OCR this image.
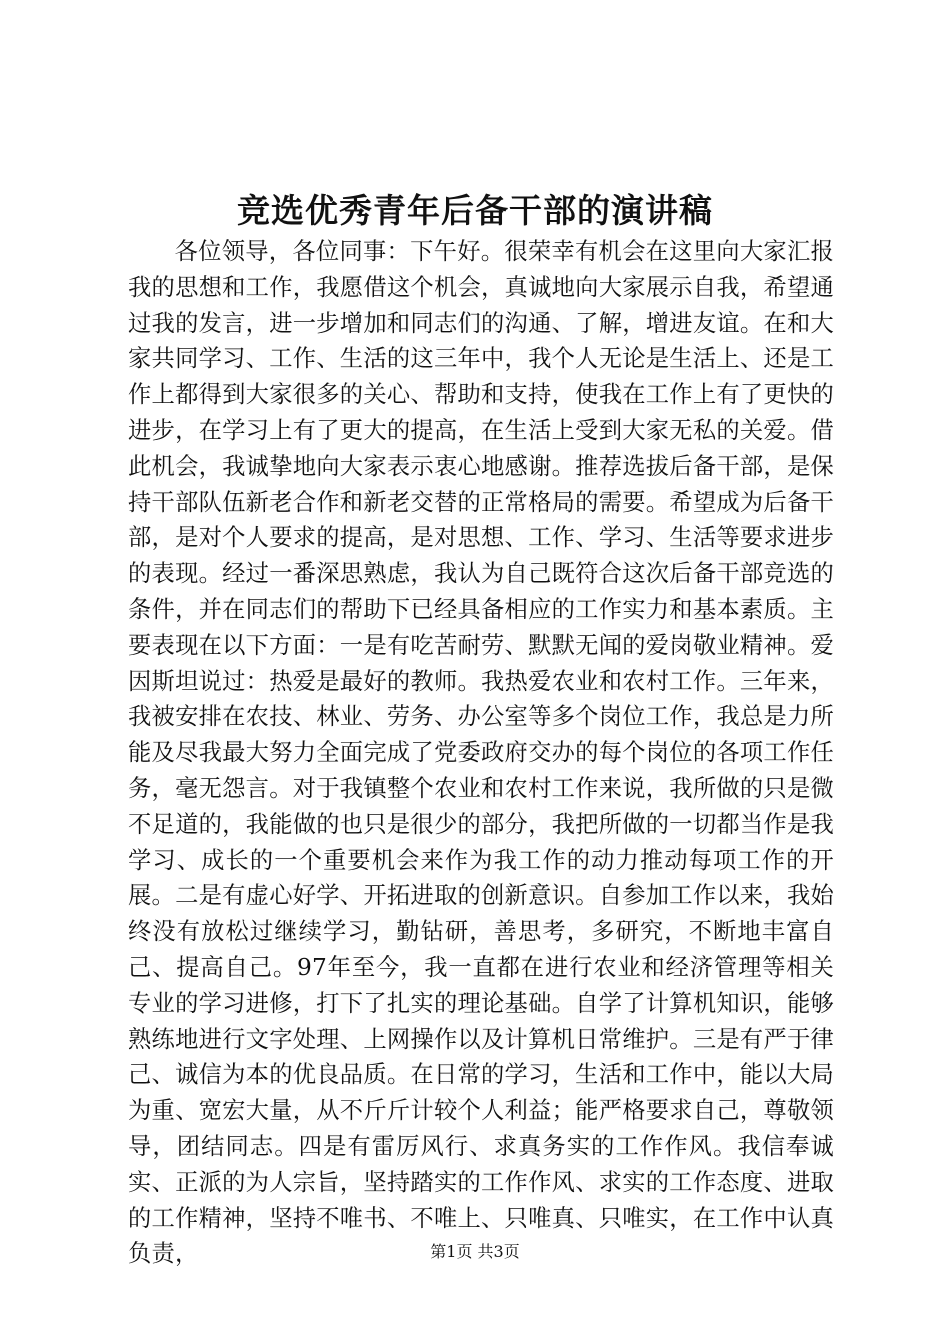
竞选优秀青年后备干部的演讲稿

各位领导，各位同事：下午好。很荣幸有机会在这里向大家汇报我的思想和工作，我愿借这个机会，真诚地向大家展示自我，希望通过我的发言，进一步增加和同志们的沟通、了解，增进友谊。在和大家共同学习、工作、生活的这三年中，我个人无论是生活上、还是工作上都得到大家很多的关心、帮助和支持，使我在工作上有了更快的进步，在学习上有了更大的提高，在生活上受到大家无私的关爱。借此机会，我诚挚地向大家表示衷心地感谢。推荐选拔后备干部，是保持干部队伍新老合作和新老交替的正常格局的需要。希望成为后备干部，是对个人要求的提高，是对思想、工作、学习、生活等要求进步的表现。经过一番深思熟虑，我认为自己既符合这次后备干部竞选的条件，并在同志们的帮助下已经具备相应的工作实力和基本素质。主要表现在以下方面：一是有吃苦耐劳、默默无闻的爱岗敬业精神。爱因斯坦说过：热爱是最好的教师。我热爱农业和农村工作。三年来，我被安排在农技、林业、劳务、办公室等多个岗位工作，我总是力所能及尽我最大努力全面完成了党委政府交办的每个岗位的各项工作任务，毫无怨言。对于我镇整个农业和农村工作来说，我所做的只是微不足道的，我能做的也只是很少的部分，我把所做的一切都当作是我学习、成长的一个重要机会来作为我工作的动力推动每项工作的开展。二是有虚心好学、开拓进取的创新意识。自参加工作以来，我始终没有放松过继续学习，勤钻研，善思考，多研究，不断地丰富自己、提高自己。97年至今，我一直都在进行农业和经济管理等相关专业的学习进修，打下了扎实的理论基础。自学了计算机知识，能够熟练地进行文字处理、上网操作以及计算机日常维护。三是有严于律己、诚信为本的优良品质。在日常的学习，生活和工作中，能以大局为重、宽宏大量，从不斤斤计较个人利益；能严格要求自己，尊敬领导，团结同志。四是有雷厉风行、求真务实的工作作风。我信奉诚实、正派的为人宗旨，坚持踏实的工作作风、求实的工作态度、进取的工作精神，坚持不唯书、不唯上、只唯真、只唯实，在工作中认真负责，	第1页 共3页
